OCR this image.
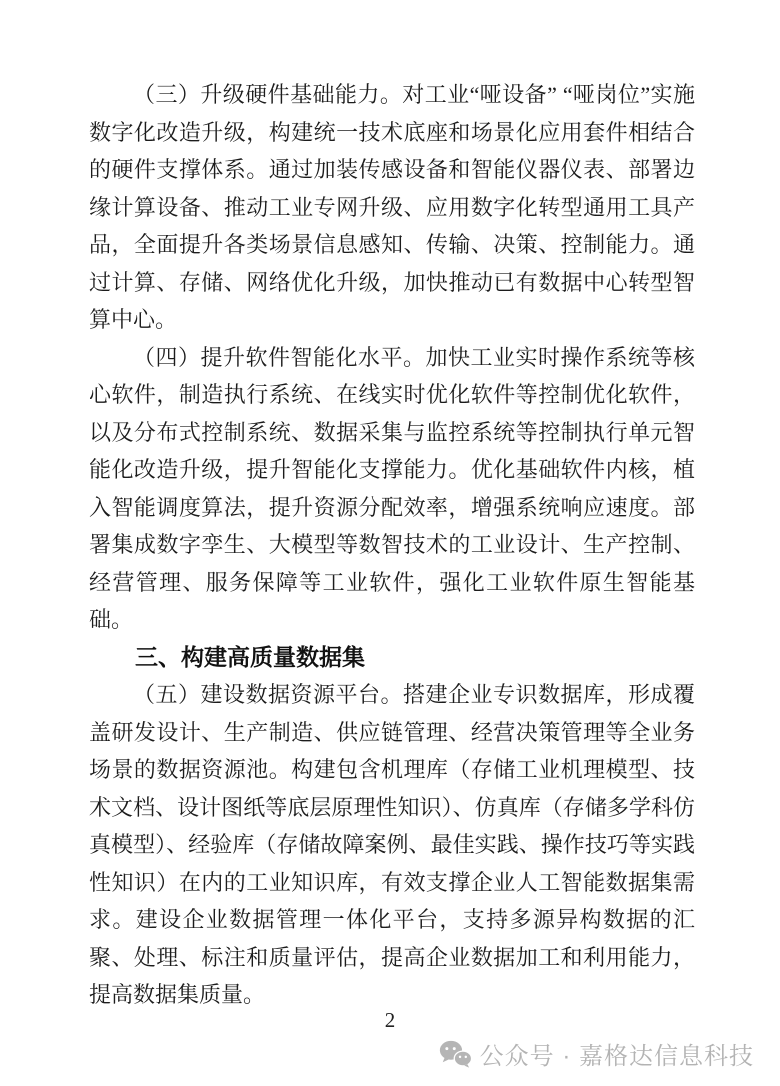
（三）升级硬件基础能力。对工业“哑设备” “哑岗位”实施数字化改造升级，构建统一技术底座和场景化应用套件相结合的硬件支撑体系。通过加装传感设备和智能仪器仪表、部署边缘计算设备、推动工业专网升级、应用数字化转型通用工具产品，全面提升各类场景信息感知、传输、决策、控制能力。通过计算、存储、网络优化升级，加快推动已有数据中心转型智算中心。

（四）提升软件智能化水平。加快工业实时操作系统等核心软件，制造执行系统、在线实时优化软件等控制优化软件，以及分布式控制系统、数据采集与监控系统等控制执行单元智能化改造升级，提升智能化支撑能力。优化基础软件内核，植入智能调度算法，提升资源分配效率，增强系统响应速度。部署集成数字孪生、大模型等数智技术的工业设计、生产控制、经营管理、服务保障等工业软件，强化工业软件原生智能基础。

三、构建高质量数据集

（五）建设数据资源平台。搭建企业专识数据库，形成覆盖研发设计、生产制造、供应链管理、经营决策管理等全业务场景的数据资源池。构建包含机理库（存储工业机理模型、技术文档、设计图纸等底层原理性知识）、仿真库（存储多学科仿真模型）、经验库（存储故障案例、最佳实践、操作技巧等实践性知识）在内的工业知识库，有效支撑企业人工智能数据集需求。建设企业数据管理一体化平台，支持多源异构数据的汇聚、处理、标注和质量评估，提高企业数据加工和利用能力，提高数据集质量。

2
公众号 · 嘉格达信息科技
